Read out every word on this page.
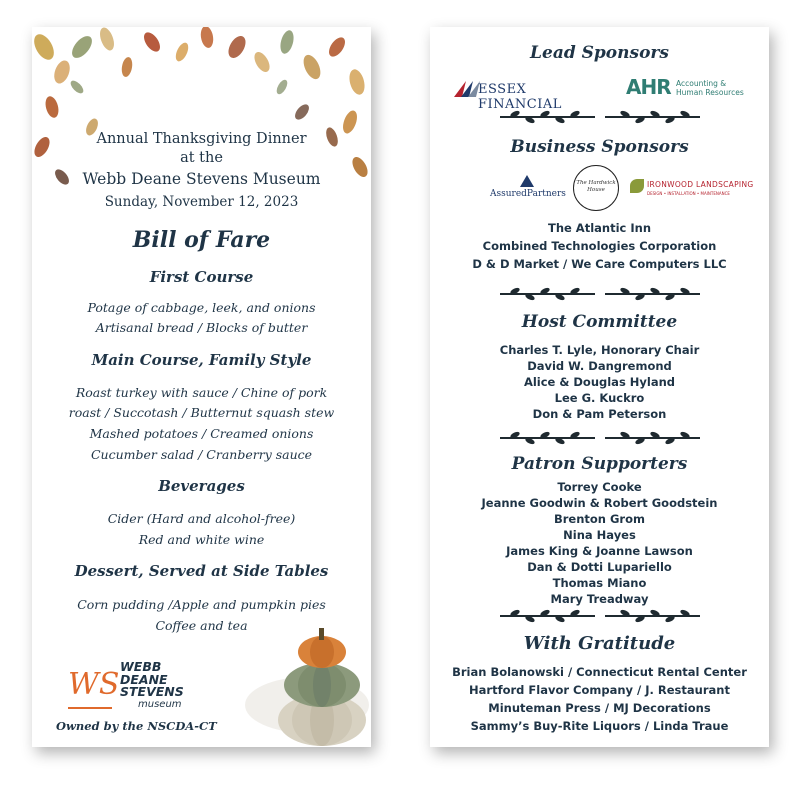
Annual Thanksgiving Dinner
at the
Webb Deane Stevens Museum
Sunday, November 12, 2023
Bill of Fare
First Course
Potage of cabbage, leek, and onions
Artisanal bread / Blocks of butter
Main Course, Family Style
Roast turkey with sauce / Chine of pork
roast / Succotash / Butternut squash stew
Mashed potatoes / Creamed onions
Cucumber salad / Cranberry sauce
Beverages
Cider (Hard and alcohol-free)
Red and white wine
Dessert, Served at Side Tables
Corn pudding /Apple and pumpkin pies
Coffee and tea
WS
WEBB
DEANE
STEVENS
museum
Owned by the NSCDA-CT
Lead Sponsors
ESSEX FINANCIAL
AHR Accounting &
Human Resources
Business Sponsors
AssuredPartners
The Hardwick House
IRONWOOD LANDSCAPING
DESIGN • INSTALLATION • MAINTENANCE
The Atlantic Inn
Combined Technologies Corporation
D & D Market / We Care Computers LLC
Host Committee
Charles T. Lyle, Honorary Chair
David W. Dangremond
Alice & Douglas Hyland
Lee G. Kuckro
Don & Pam Peterson
Patron Supporters
Torrey Cooke
Jeanne Goodwin & Robert Goodstein
Brenton Grom
Nina Hayes
James King & Joanne Lawson
Dan & Dotti Lupariello
Thomas Miano
Mary Treadway
With Gratitude
Brian Bolanowski / Connecticut Rental Center
Hartford Flavor Company / J. Restaurant
Minuteman Press / MJ Decorations
Sammy’s Buy-Rite Liquors / Linda Traue
